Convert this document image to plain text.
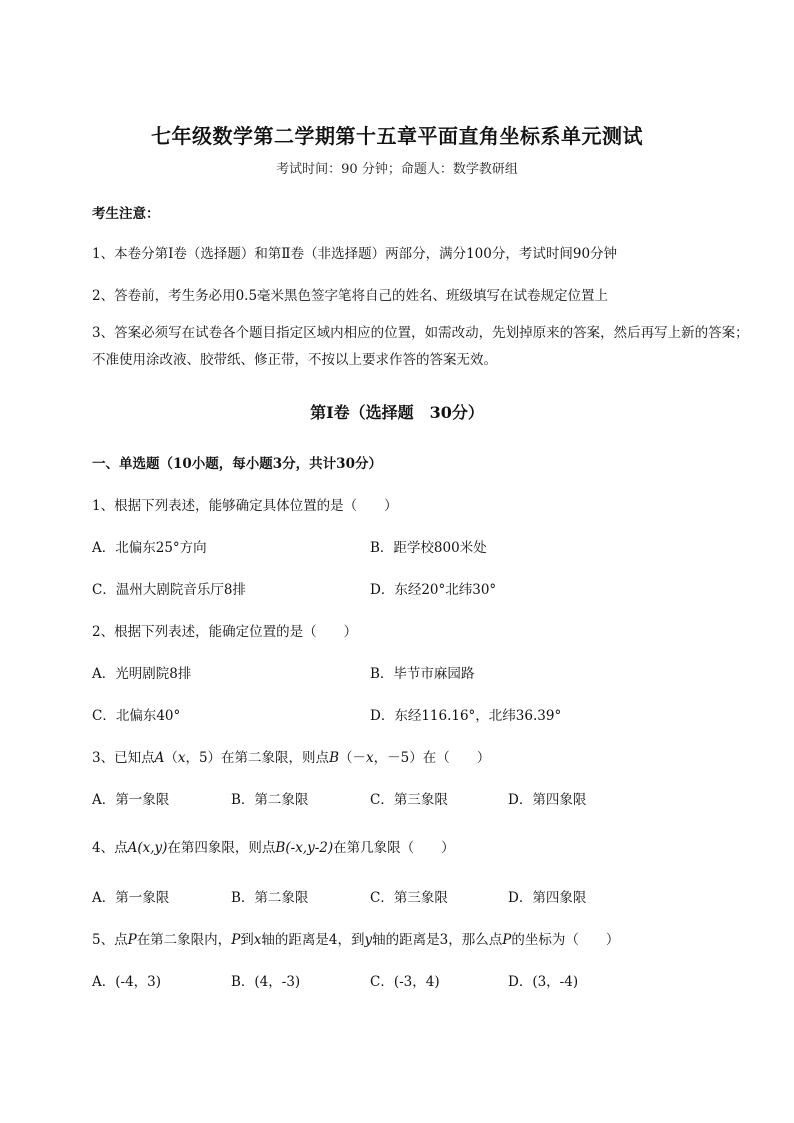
七年级数学第二学期第十五章平面直角坐标系单元测试
考试时间：90 分钟；命题人：数学教研组
考生注意：
1、本卷分第Ⅰ卷（选择题）和第Ⅱ卷（非选择题）两部分，满分100分，考试时间90分钟
2、答卷前，考生务必用0.5毫米黑色签字笔将自己的姓名、班级填写在试卷规定位置上
3、答案必须写在试卷各个题目指定区域内相应的位置，如需改动，先划掉原来的答案，然后再写上新的答案；不准使用涂改液、胶带纸、修正带，不按以上要求作答的答案无效。
第Ⅰ卷（选择题　30分）
一、单选题（10小题，每小题3分，共计30分）
1、根据下列表述，能够确定具体位置的是（　　）
A．北偏东25°方向	B．距学校800米处
C．温州大剧院音乐厅8排	D．东经20°北纬30°
2、根据下列表述，能确定位置的是（　　）
A．光明剧院8排	B．毕节市麻园路
C．北偏东40°	D．东经116.16°，北纬36.39°
3、已知点A（x，5）在第二象限，则点B（－x，－5）在（　　）
A．第一象限	B．第二象限	C．第三象限	D．第四象限
4、点A(x,y)在第四象限，则点B(-x,y-2)在第几象限（　　）
A．第一象限	B．第二象限	C．第三象限	D．第四象限
5、点P在第二象限内，P到x轴的距离是4，到y轴的距离是3，那么点P的坐标为（　　）
A．(-4，3)	B．(4，-3)	C．(-3，4)	D．(3，-4)
